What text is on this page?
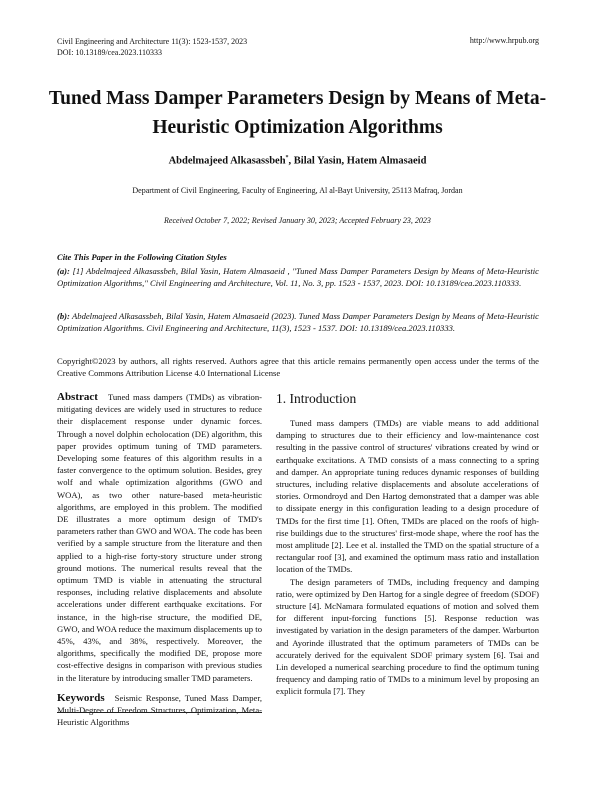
Civil Engineering and Architecture 11(3): 1523-1537, 2023
DOI: 10.13189/cea.2023.110333
http://www.hrpub.org
Tuned Mass Damper Parameters Design by Means of Meta-Heuristic Optimization Algorithms
Abdelmajeed Alkasassbeh*, Bilal Yasin, Hatem Almasaeid
Department of Civil Engineering, Faculty of Engineering, Al al-Bayt University, 25113 Mafraq, Jordan
Received October 7, 2022; Revised January 30, 2023; Accepted February 23, 2023
Cite This Paper in the Following Citation Styles
(a): [1] Abdelmajeed Alkasassbeh, Bilal Yasin, Hatem Almasaeid , "Tuned Mass Damper Parameters Design by Means of Meta-Heuristic Optimization Algorithms," Civil Engineering and Architecture, Vol. 11, No. 3, pp. 1523 - 1537, 2023. DOI: 10.13189/cea.2023.110333.
(b): Abdelmajeed Alkasassbeh, Bilal Yasin, Hatem Almasaeid (2023). Tuned Mass Damper Parameters Design by Means of Meta-Heuristic Optimization Algorithms. Civil Engineering and Architecture, 11(3), 1523 - 1537. DOI: 10.13189/cea.2023.110333.
Copyright©2023 by authors, all rights reserved. Authors agree that this article remains permanently open access under the terms of the Creative Commons Attribution License 4.0 International License
Abstract Tuned mass dampers (TMDs) as vibration-mitigating devices are widely used in structures to reduce their displacement response under dynamic forces. Through a novel dolphin echolocation (DE) algorithm, this paper provides optimum tuning of TMD parameters. Developing some features of this algorithm results in a faster convergence to the optimum solution. Besides, grey wolf and whale optimization algorithms (GWO and WOA), as two other nature-based meta-heuristic algorithms, are employed in this problem. The modified DE illustrates a more optimum design of TMD's parameters rather than GWO and WOA. The code has been verified by a sample structure from the literature and then applied to a high-rise forty-story structure under strong ground motions. The numerical results reveal that the optimum TMD is viable in attenuating the structural responses, including relative displacements and absolute accelerations under different earthquake excitations. For instance, in the high-rise structure, the modified DE, GWO, and WOA reduce the maximum displacements up to 45%, 43%, and 38%, respectively. Moreover, the algorithms, specifically the modified DE, propose more cost-effective designs in comparison with previous studies in the literature by introducing smaller TMD parameters.
Keywords Seismic Response, Tuned Mass Damper, Multi-Degree of Freedom Structures, Optimization, Meta-Heuristic Algorithms
1. Introduction

Tuned mass dampers (TMDs) are viable means to add additional damping to structures due to their efficiency and low-maintenance cost resulting in the passive control of structures' vibrations created by wind or earthquake excitations. A TMD consists of a mass connecting to a spring and damper. An appropriate tuning reduces dynamic responses of building structures, including relative displacements and absolute accelerations of stories. Ormondroyd and Den Hartog demonstrated that a damper was able to dissipate energy in this configuration leading to a design procedure of TMDs for the first time [1]. Often, TMDs are placed on the roofs of high-rise buildings due to the structures' first-mode shape, where the roof has the most amplitude [2]. Lee et al. installed the TMD on the spatial structure of a rectangular roof [3], and examined the optimum mass ratio and installation location of the TMDs.

The design parameters of TMDs, including frequency and damping ratio, were optimized by Den Hartog for a single degree of freedom (SDOF) structure [4]. McNamara formulated equations of motion and solved them for different input-forcing functions [5]. Response reduction was investigated by variation in the design parameters of the damper. Warburton and Ayorinde illustrated that the optimum parameters of TMDs can be accurately derived for the equivalent SDOF primary system [6]. Tsai and Lin developed a numerical searching procedure to find the optimum tuning frequency and damping ratio of TMDs to a minimum level by proposing an explicit formula [7]. They
